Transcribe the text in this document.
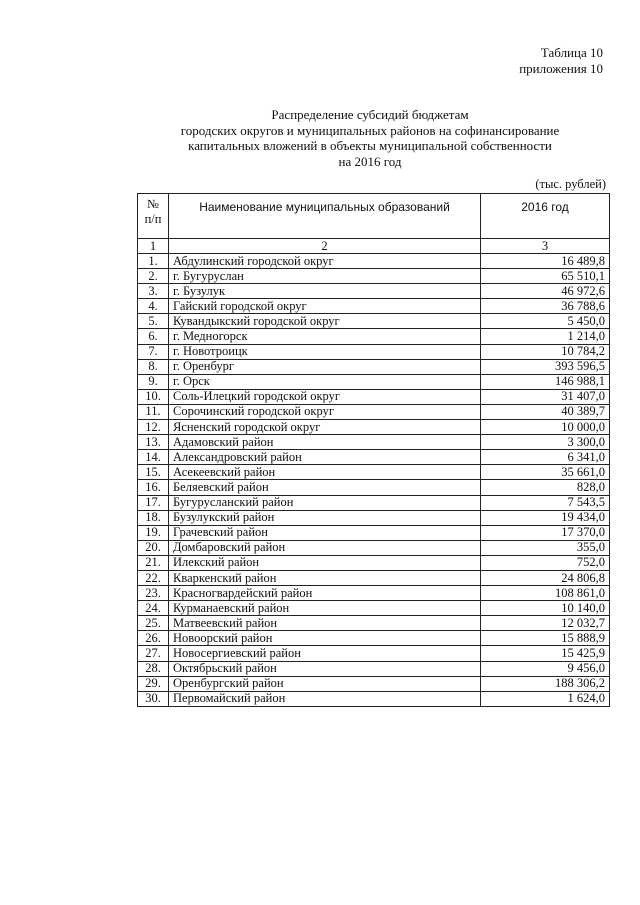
Таблица 10
приложения 10
Распределение субсидий бюджетам
городских округов и муниципальных районов на софинансирование
капитальных вложений в объекты муниципальной собственности
на 2016 год
(тыс. рублей)
№
п/п	Наименование муниципальных образований	2016 год
1	2	3
1.	Абдулинский городской округ	16 489,8
2.	г. Бугуруслан	65 510,1
3.	г. Бузулук	46 972,6
4.	Гайский городской округ	36 788,6
5.	Кувандыкский городской округ	5 450,0
6.	г. Медногорск	1 214,0
7.	г. Новотроицк	10 784,2
8.	г. Оренбург	393 596,5
9.	г. Орск	146 988,1
10.	Соль-Илецкий городской округ	31 407,0
11.	Сорочинский городской округ	40 389,7
12.	Ясненский городской округ	10 000,0
13.	Адамовский район	3 300,0
14.	Александровский район	6 341,0
15.	Асекеевский район	35 661,0
16.	Беляевский район	828,0
17.	Бугурусланский район	7 543,5
18.	Бузулукский район	19 434,0
19.	Грачевский район	17 370,0
20.	Домбаровский район	355,0
21.	Илекский район	752,0
22.	Кваркенский район	24 806,8
23.	Красногвардейский район	108 861,0
24.	Курманаевский район	10 140,0
25.	Матвеевский район	12 032,7
26.	Новоорский район	15 888,9
27.	Новосергиевский район	15 425,9
28.	Октябрьский район	9 456,0
29.	Оренбургский район	188 306,2
30.	Первомайский район	1 624,0
